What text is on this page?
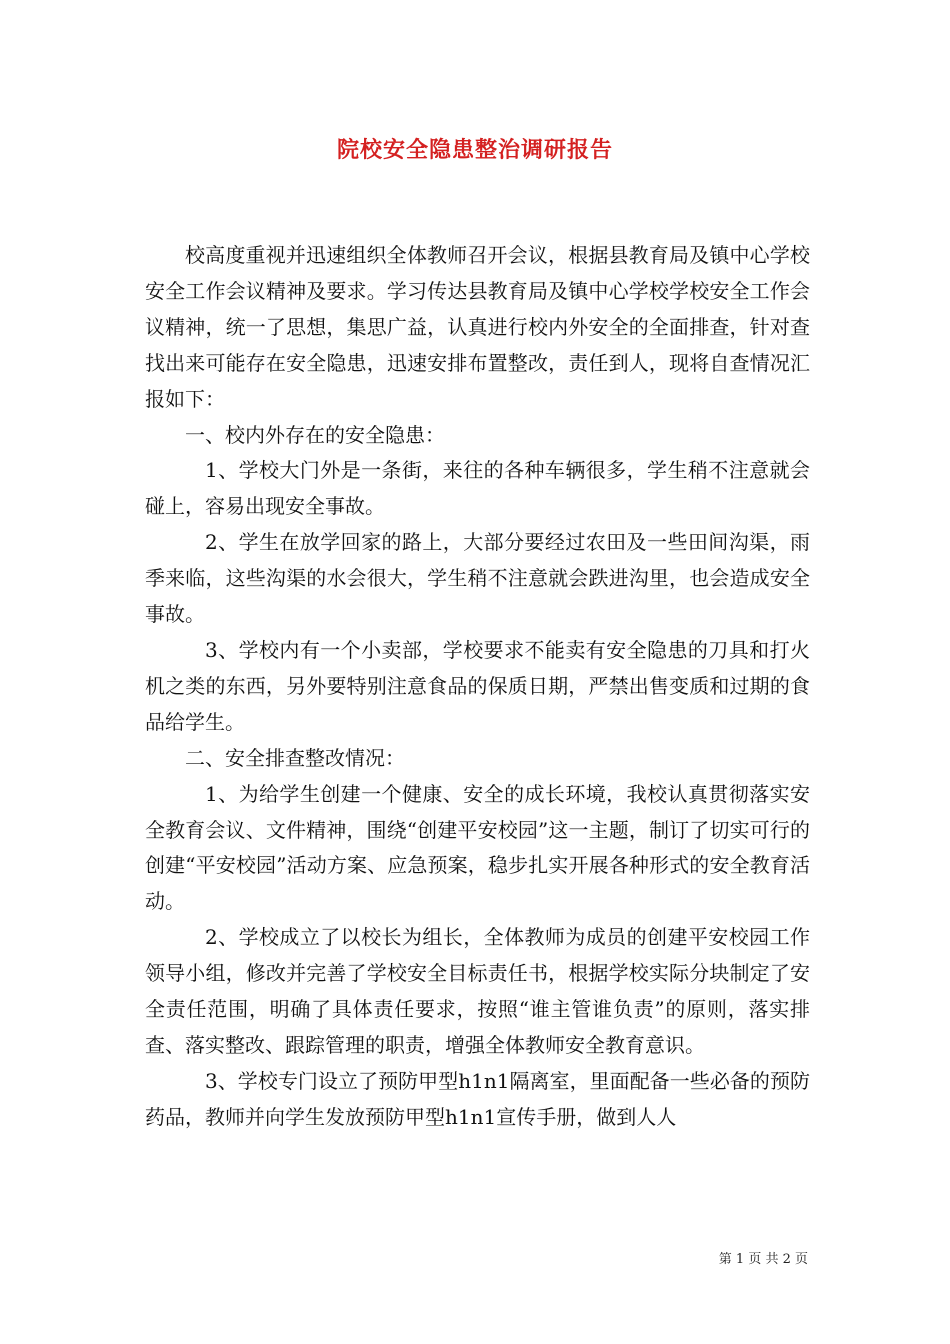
院校安全隐患整治调研报告

校高度重视并迅速组织全体教师召开会议，根据县教育局及镇中心学校安全工作会议精神及要求。学习传达县教育局及镇中心学校学校安全工作会议精神，统一了思想，集思广益，认真进行校内外安全的全面排查，针对查找出来可能存在安全隐患，迅速安排布置整改，责任到人，现将自查情况汇报如下：

一、校内外存在的安全隐患：

1、学校大门外是一条街，来往的各种车辆很多，学生稍不注意就会碰上，容易出现安全事故。

2、学生在放学回家的路上，大部分要经过农田及一些田间沟渠，雨季来临，这些沟渠的水会很大，学生稍不注意就会跌进沟里，也会造成安全事故。

3、学校内有一个小卖部，学校要求不能卖有安全隐患的刀具和打火机之类的东西，另外要特别注意食品的保质日期，严禁出售变质和过期的食品给学生。

二、安全排查整改情况：

1、为给学生创建一个健康、安全的成长环境，我校认真贯彻落实安全教育会议、文件精神，围绕“创建平安校园”这一主题，制订了切实可行的创建“平安校园”活动方案、应急预案，稳步扎实开展各种形式的安全教育活动。

2、学校成立了以校长为组长，全体教师为成员的创建平安校园工作领导小组，修改并完善了学校安全目标责任书，根据学校实际分块制定了安全责任范围，明确了具体责任要求，按照“谁主管谁负责”的原则，落实排查、落实整改、跟踪管理的职责，增强全体教师安全教育意识。

3、学校专门设立了预防甲型h1n1隔离室，里面配备一些必备的预防药品，教师并向学生发放预防甲型h1n1宣传手册，做到人人

第 1 页 共 2 页
